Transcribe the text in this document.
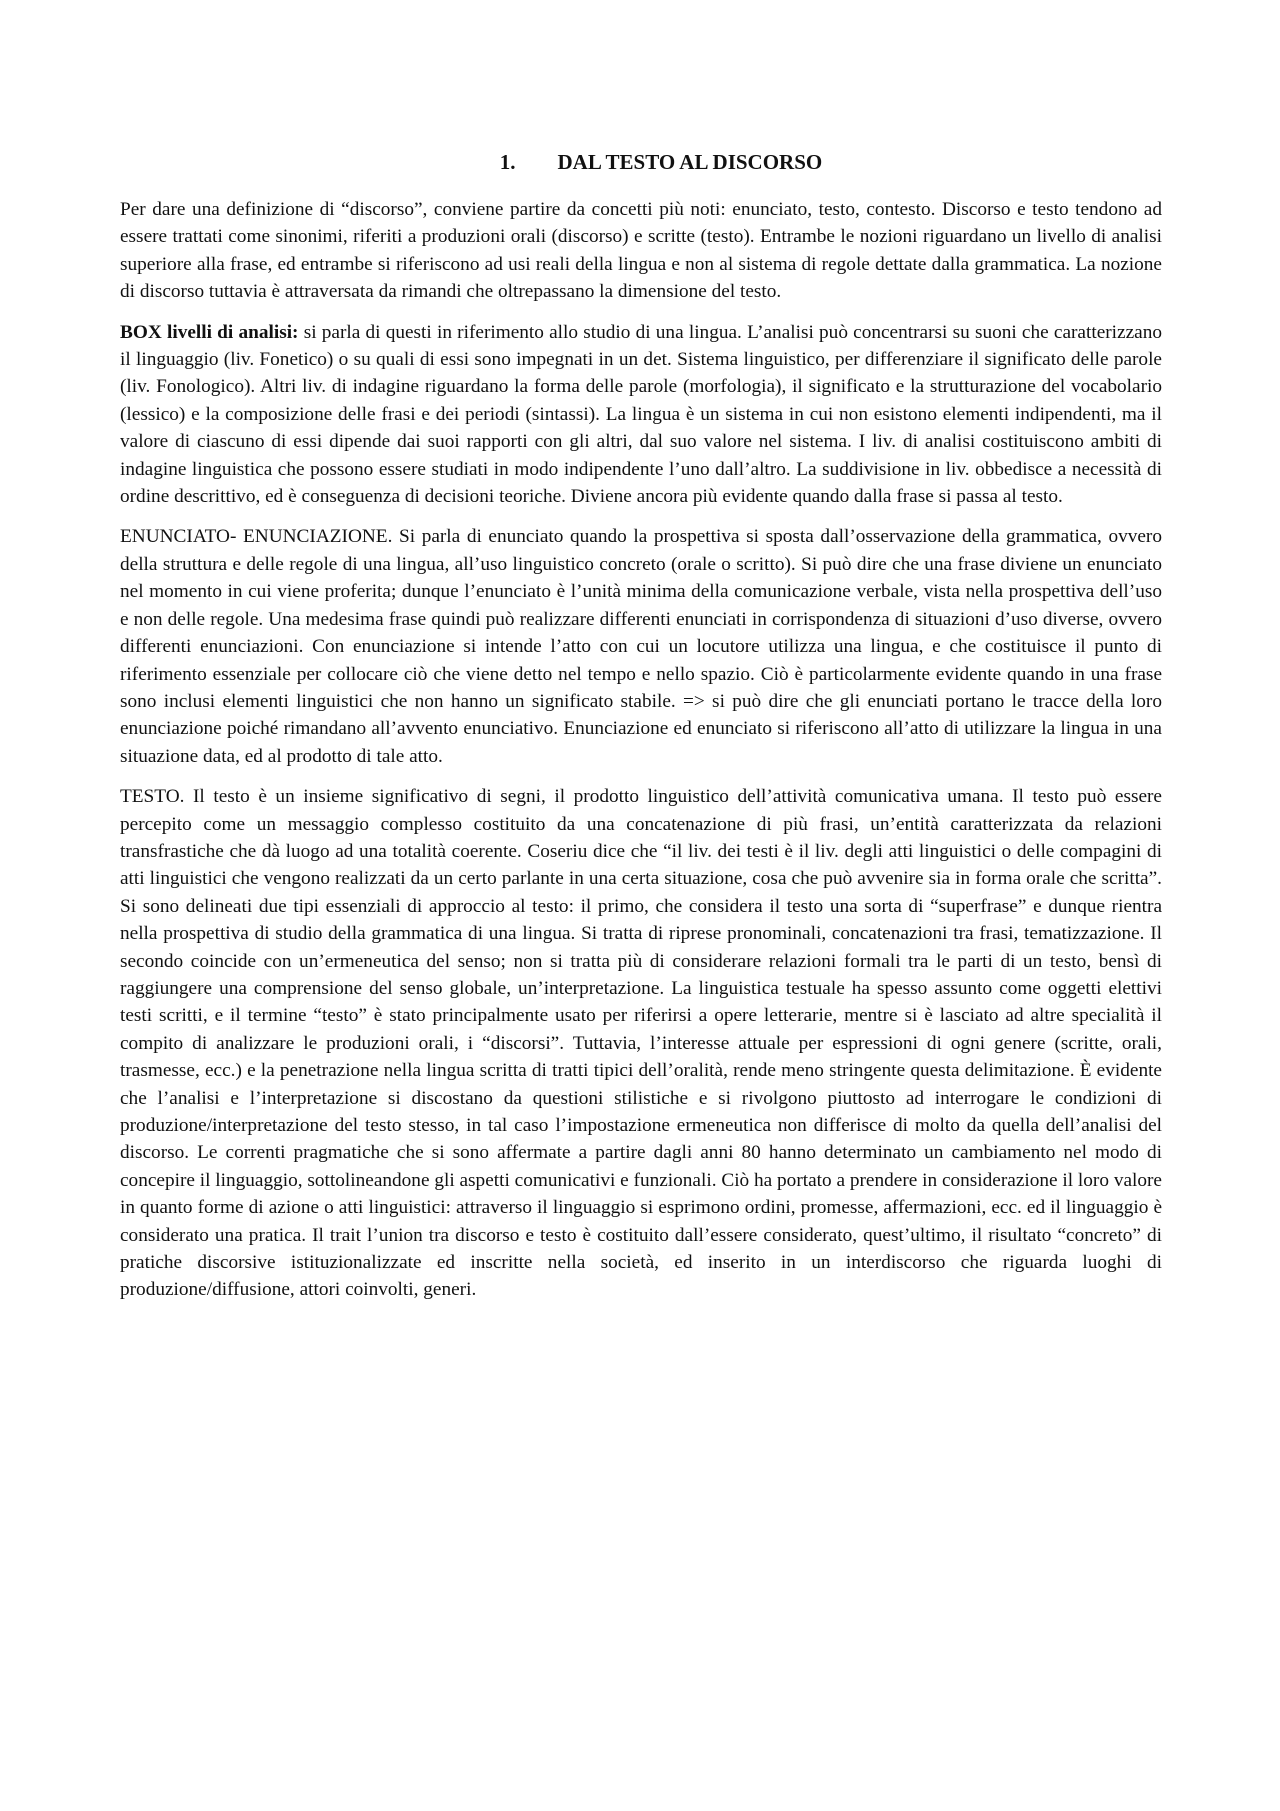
1. DAL TESTO AL DISCORSO

Per dare una definizione di “discorso”, conviene partire da concetti più noti: enunciato, testo, contesto. Discorso e testo tendono ad essere trattati come sinonimi, riferiti a produzioni orali (discorso) e scritte (testo). Entrambe le nozioni riguardano un livello di analisi superiore alla frase, ed entrambe si riferiscono ad usi reali della lingua e non al sistema di regole dettate dalla grammatica. La nozione di discorso tuttavia è attraversata da rimandi che oltrepassano la dimensione del testo.

BOX livelli di analisi: si parla di questi in riferimento allo studio di una lingua. L’analisi può concentrarsi su suoni che caratterizzano il linguaggio (liv. Fonetico) o su quali di essi sono impegnati in un det. Sistema linguistico, per differenziare il significato delle parole (liv. Fonologico). Altri liv. di indagine riguardano la forma delle parole (morfologia), il significato e la strutturazione del vocabolario (lessico) e la composizione delle frasi e dei periodi (sintassi). La lingua è un sistema in cui non esistono elementi indipendenti, ma il valore di ciascuno di essi dipende dai suoi rapporti con gli altri, dal suo valore nel sistema. I liv. di analisi costituiscono ambiti di indagine linguistica che possono essere studiati in modo indipendente l’uno dall’altro. La suddivisione in liv. obbedisce a necessità di ordine descrittivo, ed è conseguenza di decisioni teoriche. Diviene ancora più evidente quando dalla frase si passa al testo.

ENUNCIATO- ENUNCIAZIONE. Si parla di enunciato quando la prospettiva si sposta dall’osservazione della grammatica, ovvero della struttura e delle regole di una lingua, all’uso linguistico concreto (orale o scritto). Si può dire che una frase diviene un enunciato nel momento in cui viene proferita; dunque l’enunciato è l’unità minima della comunicazione verbale, vista nella prospettiva dell’uso e non delle regole. Una medesima frase quindi può realizzare differenti enunciati in corrispondenza di situazioni d’uso diverse, ovvero differenti enunciazioni. Con enunciazione si intende l’atto con cui un locutore utilizza una lingua, e che costituisce il punto di riferimento essenziale per collocare ciò che viene detto nel tempo e nello spazio. Ciò è particolarmente evidente quando in una frase sono inclusi elementi linguistici che non hanno un significato stabile. => si può dire che gli enunciati portano le tracce della loro enunciazione poiché rimandano all’avvento enunciativo. Enunciazione ed enunciato si riferiscono all’atto di utilizzare la lingua in una situazione data, ed al prodotto di tale atto.

TESTO. Il testo è un insieme significativo di segni, il prodotto linguistico dell’attività comunicativa umana. Il testo può essere percepito come un messaggio complesso costituito da una concatenazione di più frasi, un’entità caratterizzata da relazioni transfrastiche che dà luogo ad una totalità coerente. Coseriu dice che “il liv. dei testi è il liv. degli atti linguistici o delle compagini di atti linguistici che vengono realizzati da un certo parlante in una certa situazione, cosa che può avvenire sia in forma orale che scritta”. Si sono delineati due tipi essenziali di approccio al testo: il primo, che considera il testo una sorta di “superfrase” e dunque rientra nella prospettiva di studio della grammatica di una lingua. Si tratta di riprese pronominali, concatenazioni tra frasi, tematizzazione. Il secondo coincide con un’ermeneutica del senso; non si tratta più di considerare relazioni formali tra le parti di un testo, bensì di raggiungere una comprensione del senso globale, un’interpretazione. La linguistica testuale ha spesso assunto come oggetti elettivi testi scritti, e il termine “testo” è stato principalmente usato per riferirsi a opere letterarie, mentre si è lasciato ad altre specialità il compito di analizzare le produzioni orali, i “discorsi”. Tuttavia, l’interesse attuale per espressioni di ogni genere (scritte, orali, trasmesse, ecc.) e la penetrazione nella lingua scritta di tratti tipici dell’oralità, rende meno stringente questa delimitazione. È evidente che l’analisi e l’interpretazione si discostano da questioni stilistiche e si rivolgono piuttosto ad interrogare le condizioni di produzione/interpretazione del testo stesso, in tal caso l’impostazione ermeneutica non differisce di molto da quella dell’analisi del discorso. Le correnti pragmatiche che si sono affermate a partire dagli anni 80 hanno determinato un cambiamento nel modo di concepire il linguaggio, sottolineandone gli aspetti comunicativi e funzionali. Ciò ha portato a prendere in considerazione il loro valore in quanto forme di azione o atti linguistici: attraverso il linguaggio si esprimono ordini, promesse, affermazioni, ecc. ed il linguaggio è considerato una pratica. Il trait l’union tra discorso e testo è costituito dall’essere considerato, quest’ultimo, il risultato “concreto” di pratiche discorsive istituzionalizzate ed inscritte nella società, ed inserito in un interdiscorso che riguarda luoghi di produzione/diffusione, attori coinvolti, generi.
